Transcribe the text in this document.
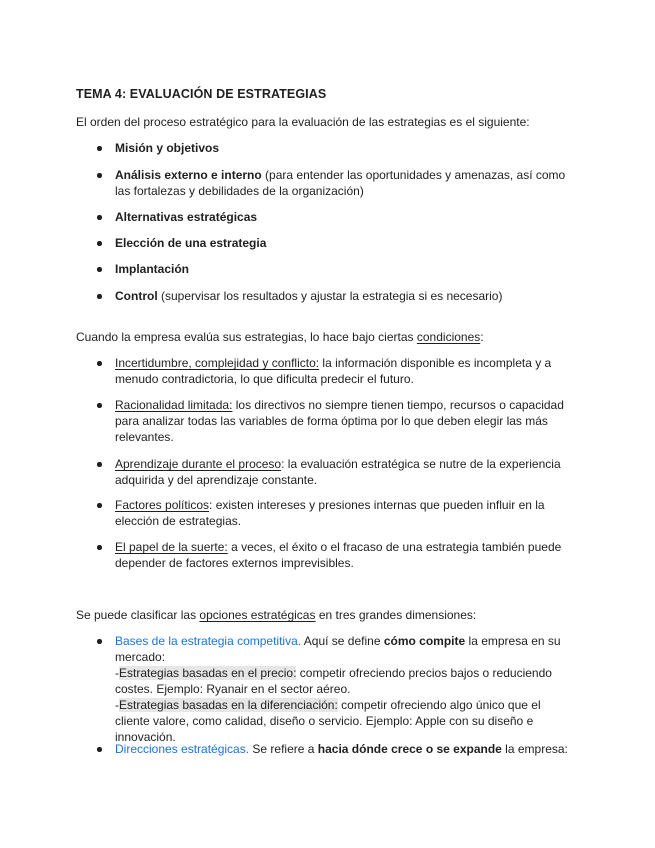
TEMA 4: EVALUACIÓN DE ESTRATEGIAS
El orden del proceso estratégico para la evaluación de las estrategias es el siguiente:
Misión y objetivos
Análisis externo e interno (para entender las oportunidades y amenazas, así como las fortalezas y debilidades de la organización)
Alternativas estratégicas
Elección de una estrategia
Implantación
Control (supervisar los resultados y ajustar la estrategia si es necesario)
Cuando la empresa evalúa sus estrategias, lo hace bajo ciertas condiciones:
Incertidumbre, complejidad y conflicto: la información disponible es incompleta y a menudo contradictoria, lo que dificulta predecir el futuro.
Racionalidad limitada: los directivos no siempre tienen tiempo, recursos o capacidad para analizar todas las variables de forma óptima por lo que deben elegir las más relevantes.
Aprendizaje durante el proceso: la evaluación estratégica se nutre de la experiencia adquirida y del aprendizaje constante.
Factores políticos: existen intereses y presiones internas que pueden influir en la elección de estrategias.
El papel de la suerte: a veces, el éxito o el fracaso de una estrategia también puede depender de factores externos imprevisibles.
Se puede clasificar las opciones estratégicas en tres grandes dimensiones:
Bases de la estrategia competitiva. Aquí se define cómo compite la empresa en su mercado:
-Estrategias basadas en el precio: competir ofreciendo precios bajos o reduciendo costes. Ejemplo: Ryanair en el sector aéreo.
-Estrategias basadas en la diferenciación: competir ofreciendo algo único que el cliente valore, como calidad, diseño o servicio. Ejemplo: Apple con su diseño e innovación.
Direcciones estratégicas. Se refiere a hacia dónde crece o se expande la empresa:
